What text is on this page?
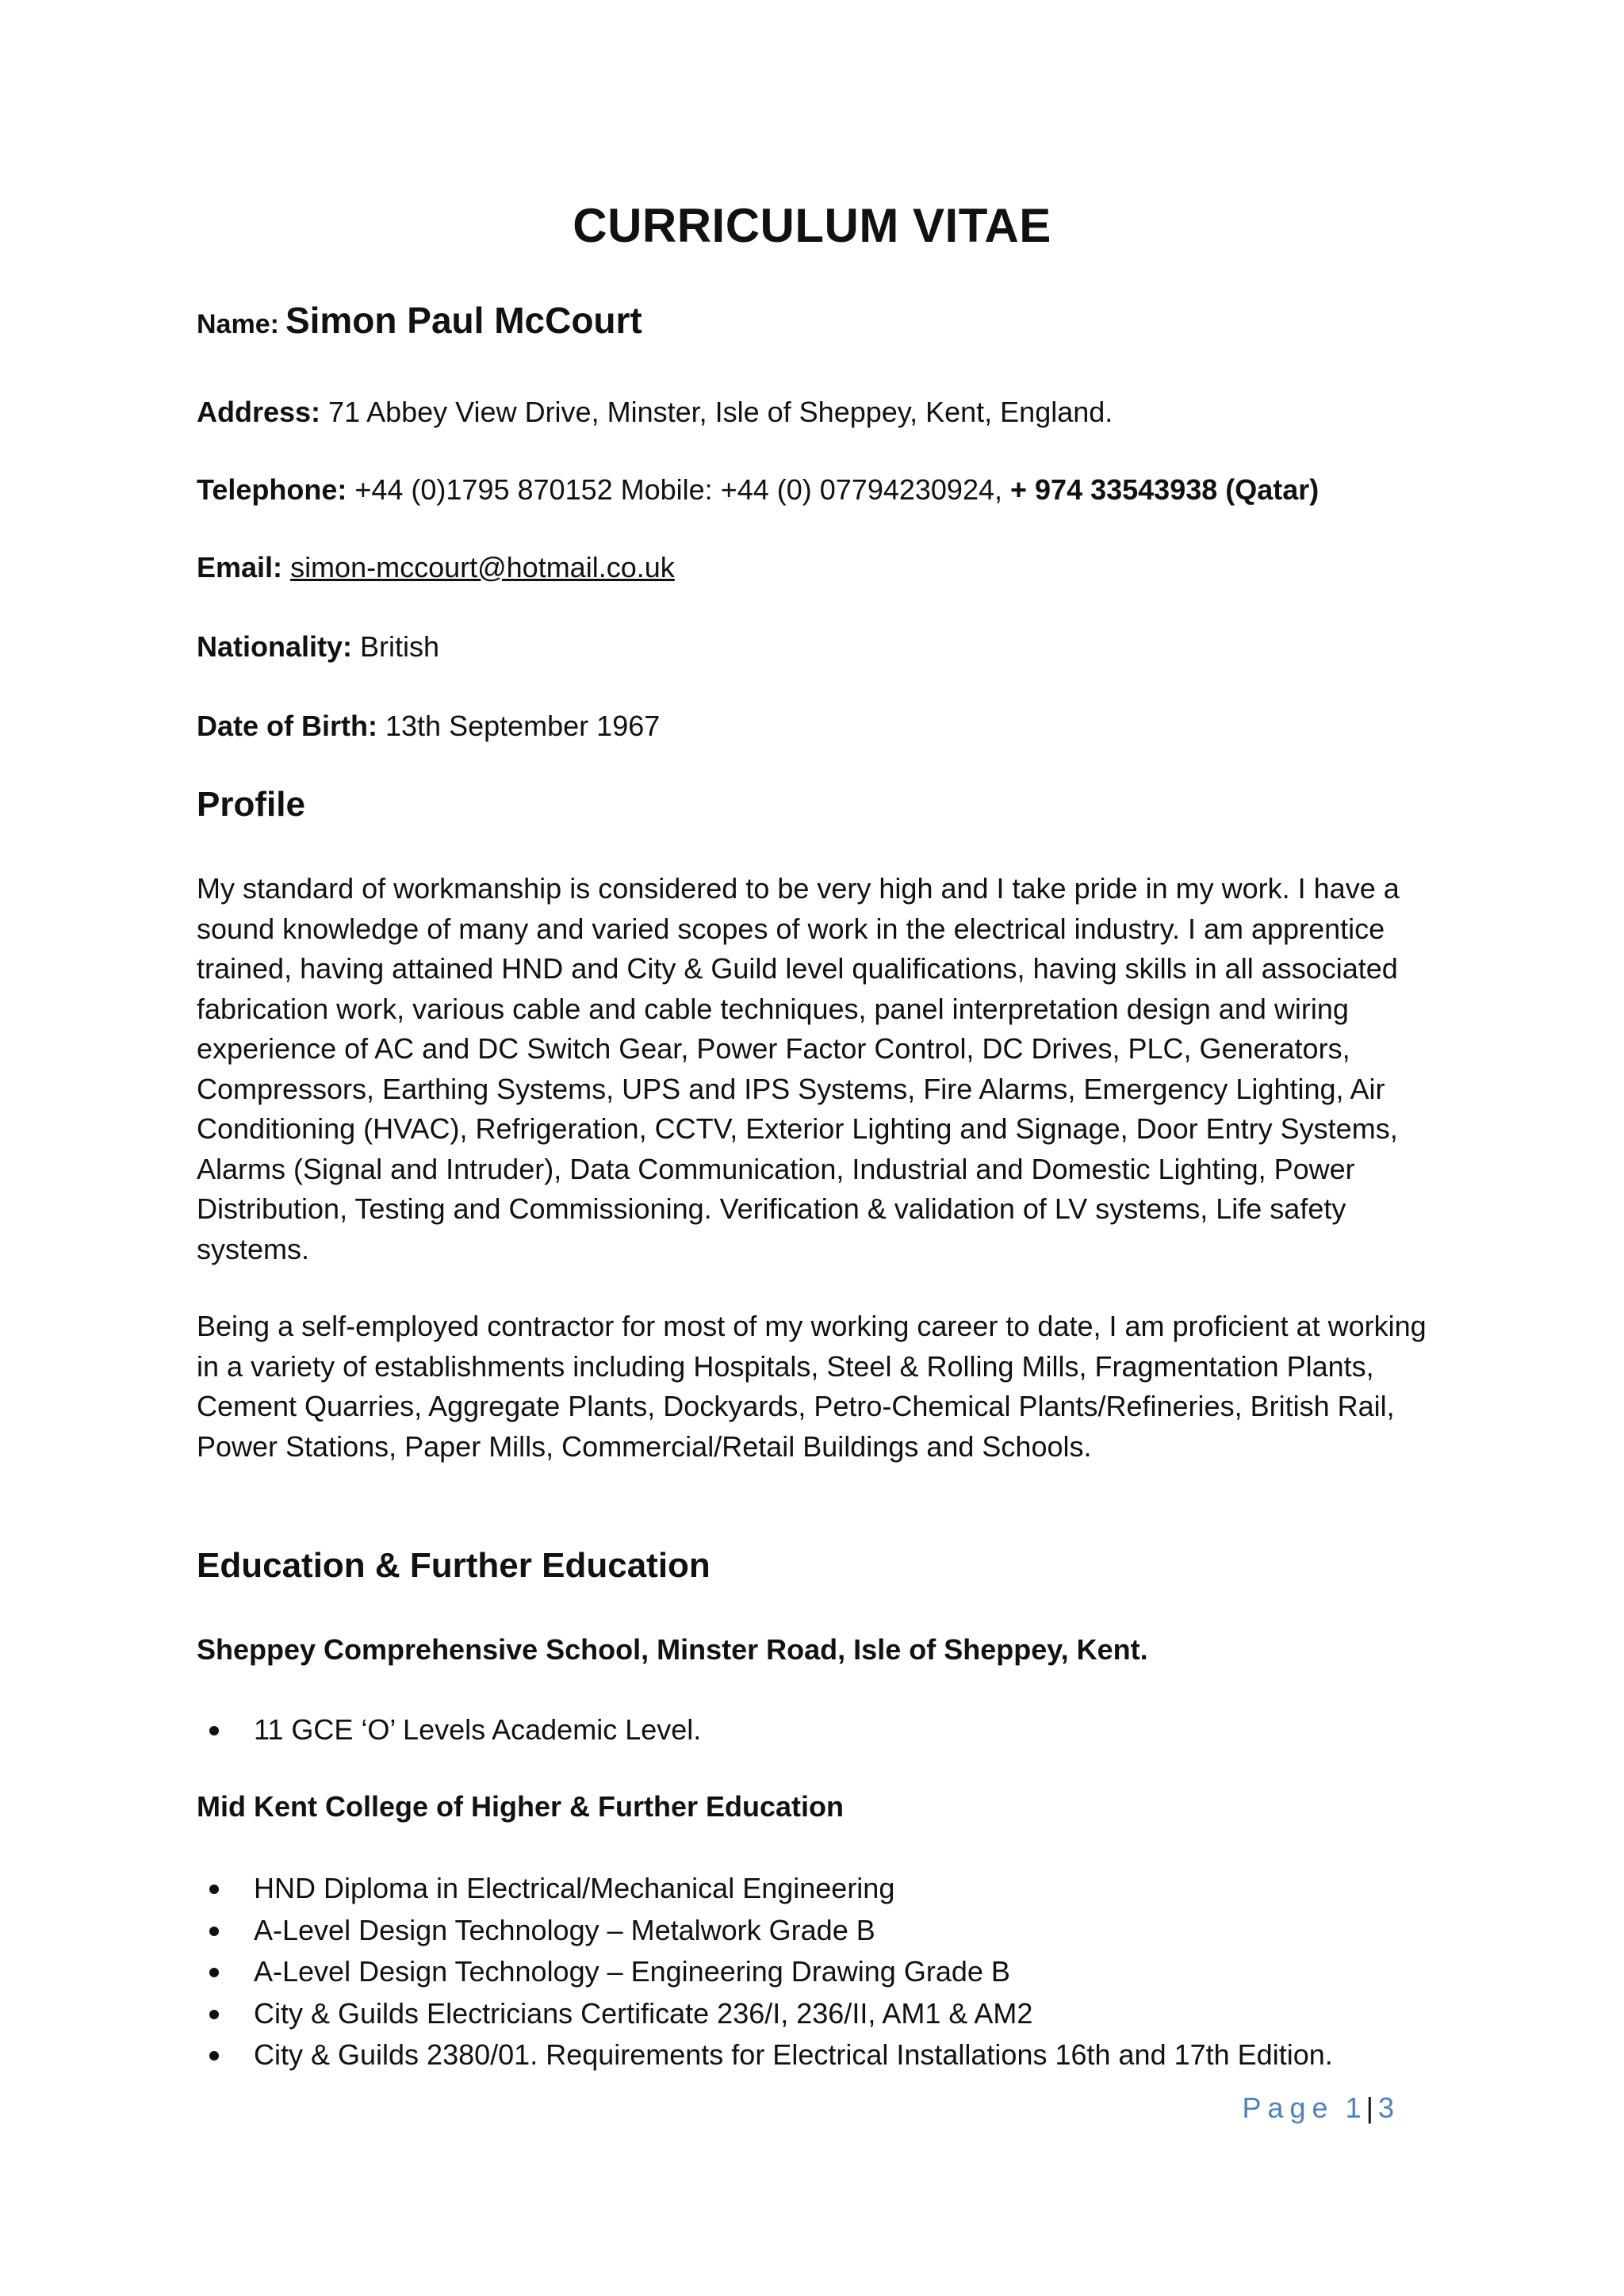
CURRICULUM VITAE
Name: Simon Paul McCourt
Address: 71 Abbey View Drive, Minster, Isle of Sheppey, Kent, England.
Telephone: +44 (0)1795 870152 Mobile: +44 (0) 07794230924, + 974 33543938 (Qatar)
Email: simon-mccourt@hotmail.co.uk
Nationality: British
Date of Birth: 13th September 1967
Profile

My standard of workmanship is considered to be very high and I take pride in my work. I have a sound knowledge of many and varied scopes of work in the electrical industry. I am apprentice trained, having attained HND and City & Guild level qualifications, having skills in all associated fabrication work, various cable and cable techniques, panel interpretation design and wiring experience of AC and DC Switch Gear, Power Factor Control, DC Drives, PLC, Generators, Compressors, Earthing Systems, UPS and IPS Systems, Fire Alarms, Emergency Lighting, Air Conditioning (HVAC), Refrigeration, CCTV, Exterior Lighting and Signage, Door Entry Systems, Alarms (Signal and Intruder), Data Communication, Industrial and Domestic Lighting, Power Distribution, Testing and Commissioning. Verification & validation of LV systems, Life safety systems.

Being a self-employed contractor for most of my working career to date, I am proficient at working in a variety of establishments including Hospitals, Steel & Rolling Mills, Fragmentation Plants, Cement Quarries, Aggregate Plants, Dockyards, Petro-Chemical Plants/Refineries, British Rail, Power Stations, Paper Mills, Commercial/Retail Buildings and Schools.

Education & Further Education

Sheppey Comprehensive School, Minster Road, Isle of Sheppey, Kent.

11 GCE ‘O’ Levels Academic Level.

Mid Kent College of Higher & Further Education

HND Diploma in Electrical/Mechanical Engineering
A-Level Design Technology – Metalwork Grade B
A-Level Design Technology – Engineering Drawing Grade B
City & Guilds Electricians Certificate 236/I, 236/II, AM1 & AM2
City & Guilds 2380/01. Requirements for Electrical Installations 16th and 17th Edition.
Page 1 | 3
